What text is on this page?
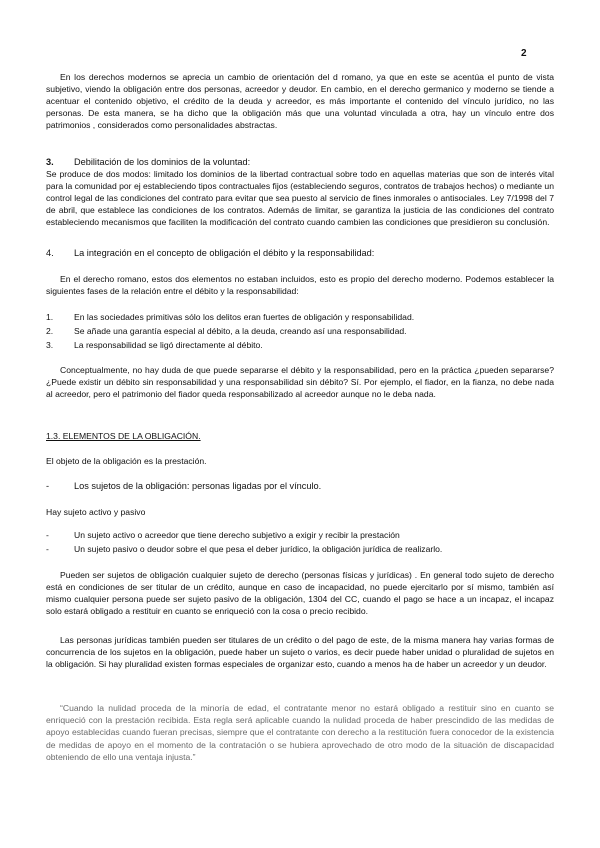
2

En los derechos modernos se aprecia un cambio de orientación del d romano, ya que en este se acentúa el punto de vista subjetivo, viendo la obligación entre dos personas, acreedor y deudor. En cambio, en el derecho germanico y moderno se tiende a acentuar el contenido objetivo, el crédito de la deuda y acreedor, es más importante el contenido del vínculo jurídico, no las personas. De esta manera, se ha dicho que la obligación más que una voluntad vinculada a otra, hay un vínculo entre dos patrimonios , considerados como personalidades abstractas.

3. Debilitación de los dominios de la voluntad:

Se produce de dos modos: limitado los dominios de la libertad contractual sobre todo en aquellas materias que son de interés vital para la comunidad por ej estableciendo tipos contractuales fijos (estableciendo seguros, contratos de trabajos hechos) o mediante un control legal de las condiciones del contrato para evitar que sea puesto al servicio de fines inmorales o antisociales. Ley 7/1998 del 7 de abril, que establece las condiciones de los contratos. Además de limitar, se garantiza la justicia de las condiciones del contrato estableciendo mecanismos que faciliten la modificación del contrato cuando cambien las condiciones que presidieron su conclusión.

4. La integración en el concepto de obligación el débito y la responsabilidad:

En el derecho romano, estos dos elementos no estaban incluidos, esto es propio del derecho moderno. Podemos establecer la siguientes fases de la relación entre el débito y la responsabilidad:

1. En las sociedades primitivas sólo los delitos eran fuertes de obligación y responsabilidad.
2. Se añade una garantía especial al débito, a la deuda, creando así una responsabilidad.
3. La responsabilidad se ligó directamente al débito.

Conceptualmente, no hay duda de que puede separarse el débito y la responsabilidad, pero en la práctica ¿pueden separarse?¿Puede existir un débito sin responsabilidad y una responsabilidad sin débito? Sí. Por ejemplo, el fiador, en la fianza, no debe nada al acreedor, pero el patrimonio del fiador queda responsabilizado al acreedor aunque no le deba nada.

1.3. ELEMENTOS DE LA OBLIGACIÓN.
El objeto de la obligación es la prestación.
-	Los sujetos de la obligación: personas ligadas por el vínculo.
Hay sujeto activo y pasivo
-	Un sujeto activo o acreedor que tiene derecho subjetivo a exigir y recibir la prestación
-	Un sujeto pasivo o deudor sobre el que pesa el deber jurídico, la obligación jurídica de realizarlo.

Pueden ser sujetos de obligación cualquier sujeto de derecho (personas físicas y jurídicas) . En general todo sujeto de derecho está en condiciones de ser titular de un crédito, aunque en caso de incapacidad, no puede ejercitarlo por sí mismo, también así mismo cualquier persona puede ser sujeto pasivo de la obligación, 1304 del CC, cuando el pago se hace a un incapaz, el incapaz solo estará obligado a restituir en cuanto se enriqueció con la cosa o precio recibido.

Las personas jurídicas también pueden ser titulares de un crédito o del pago de este, de la misma manera hay varias formas de concurrencia de los sujetos en la obligación, puede haber un sujeto o varios, es decir puede haber unidad o pluralidad de sujetos en la obligación. Si hay pluralidad existen formas especiales de organizar esto, cuando a menos ha de haber un acreedor y un deudor.

“Cuando la nulidad proceda de la minoría de edad, el contratante menor no estará obligado a restituir sino en cuanto se enriqueció con la prestación recibida. Esta regla será aplicable cuando la nulidad proceda de haber prescindido de las medidas de apoyo establecidas cuando fueran precisas, siempre que el contratante con derecho a la restitución fuera conocedor de la existencia de medidas de apoyo en el momento de la contratación o se hubiera aprovechado de otro modo de la situación de discapacidad obteniendo de ello una ventaja injusta.”
